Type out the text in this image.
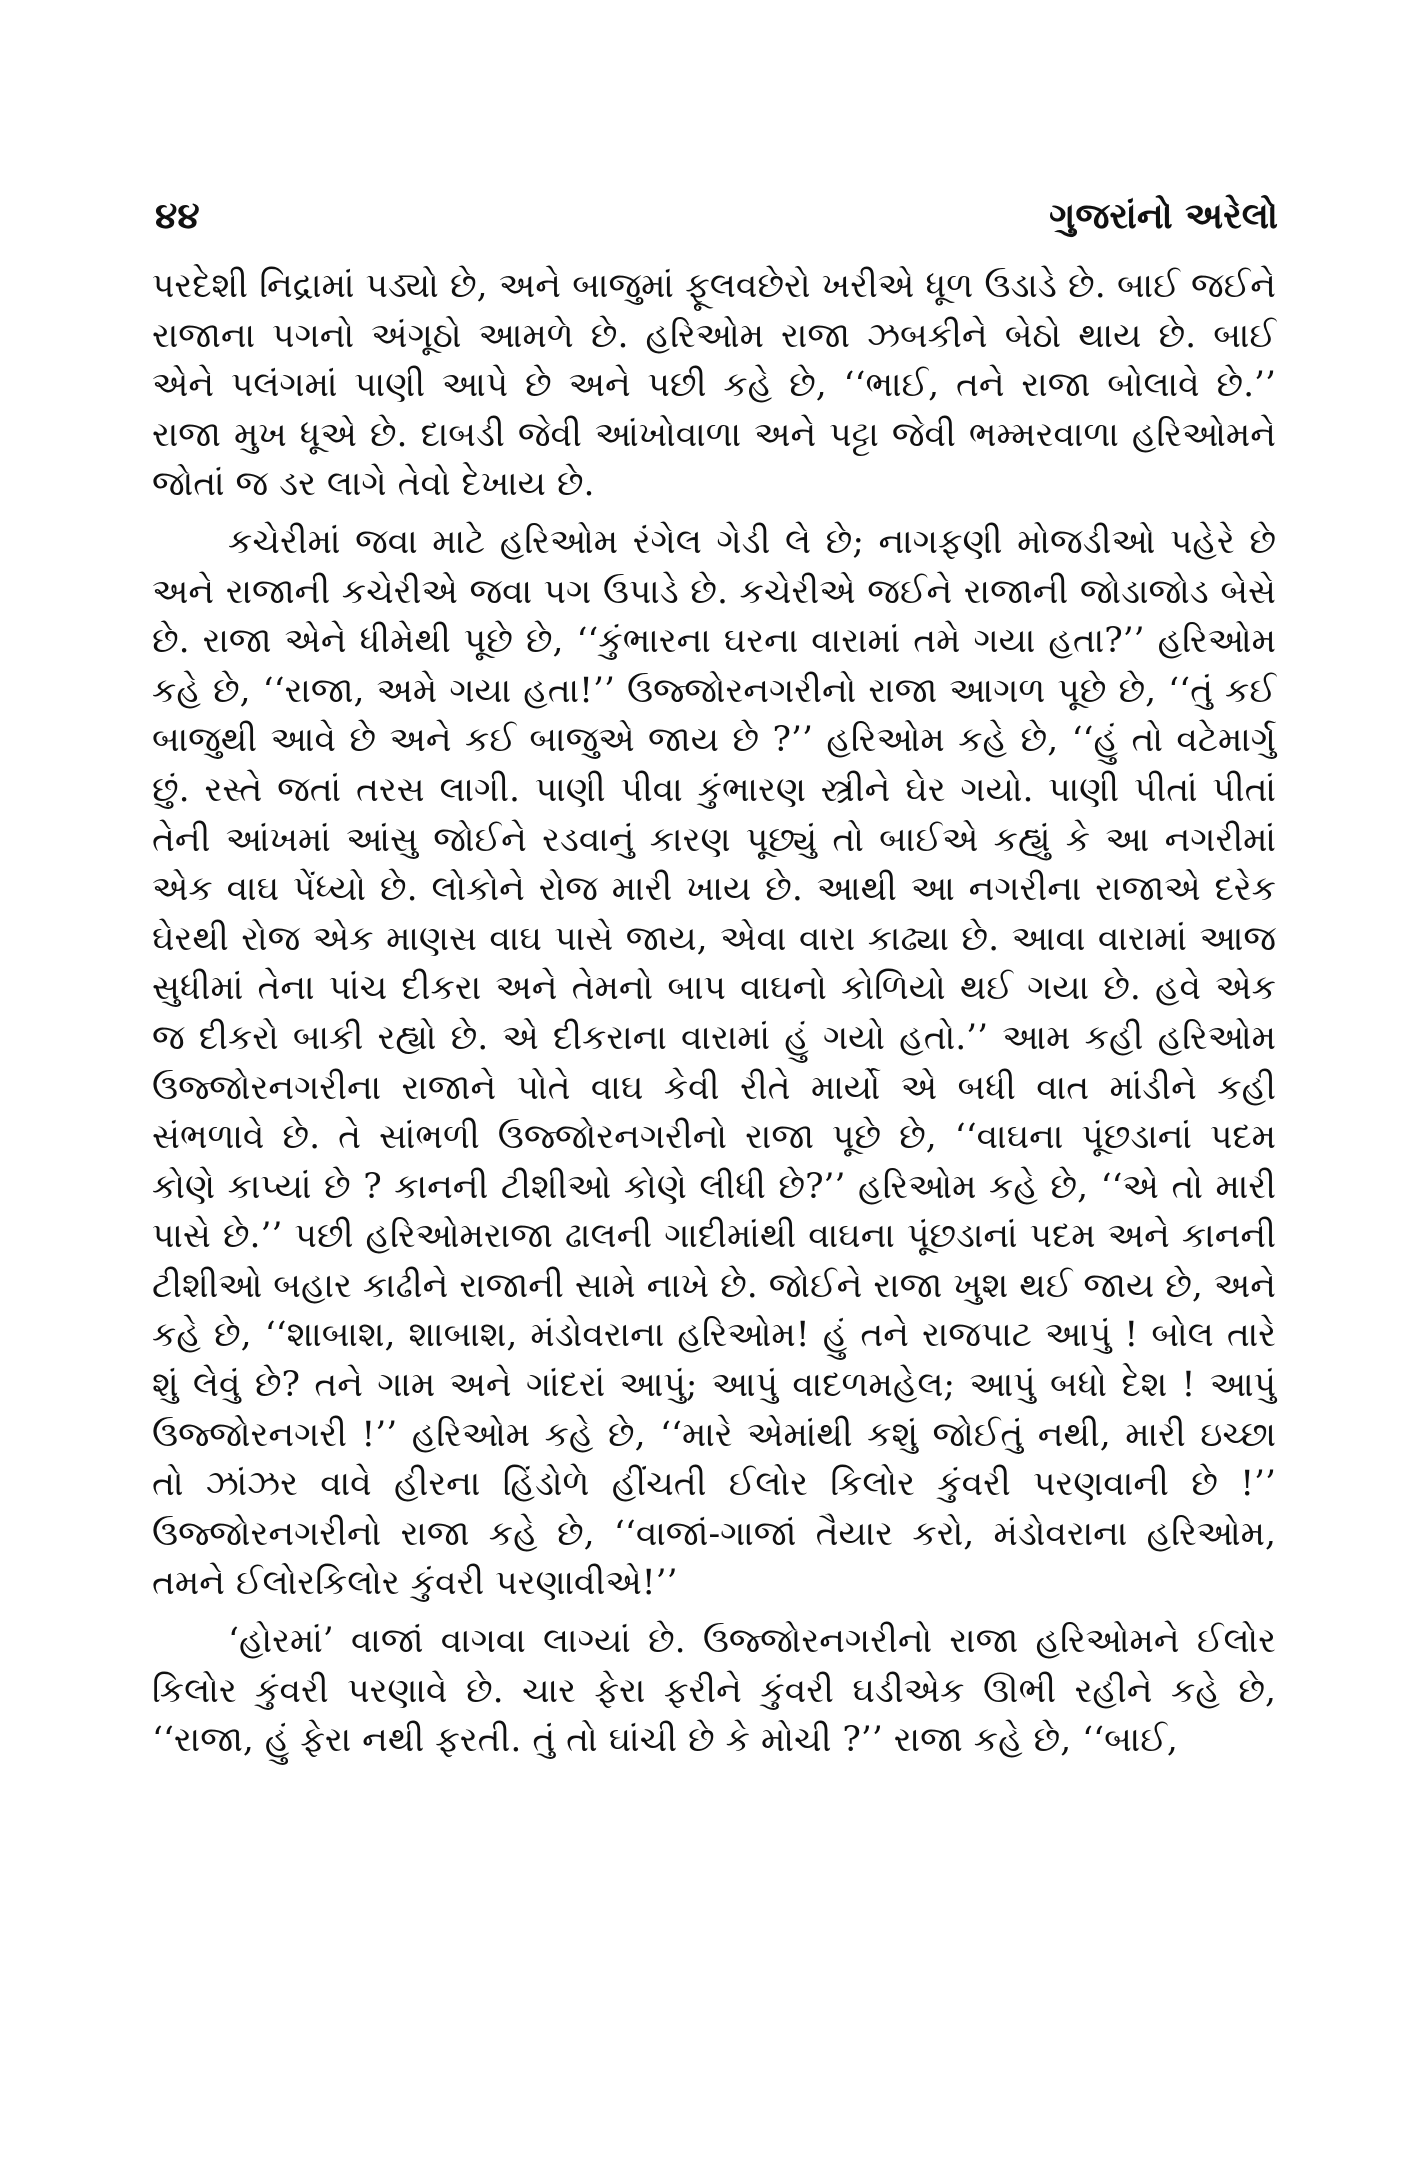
૪૪	ગુજરાંનો અરેલો

પરદેશી નિદ્રામાં પડ્યો છે, અને બાજુમાં ફૂલવછેરો ખરીએ ધૂળ ઉડાડે છે. બાઈ જઈને રાજાના પગનો અંગૂઠો આમળે છે. હરિઓમ રાજા ઝબકીને બેઠો થાય છે. બાઈ એને પલંગમાં પાણી આપે છે અને પછી કહે છે, ‘‘ભાઈ, તને રાજા બોલાવે છે.’’ રાજા મુખ ધૂએ છે. દાબડી જેવી આંખોવાળા અને પટ્ટા જેવી ભમ્મરવાળા હરિઓમને જોતાં જ ડર લાગે તેવો દેખાય છે.

કચેરીમાં જવા માટે હરિઓમ રંગેલ ગેડી લે છે; નાગફણી મોજડીઓ પહેરે છે અને રાજાની કચેરીએ જવા પગ ઉપાડે છે. કચેરીએ જઈને રાજાની જોડાજોડ બેસે છે. રાજા એને ધીમેથી પૂછે છે, ‘‘કુંભારના ઘરના વારામાં તમે ગયા હતા?’’ હરિઓમ કહે છે, ‘‘રાજા, અમે ગયા હતા!’’ ઉજ્જોરનગરીનો રાજા આગળ પૂછે છે, ‘‘તું કઈ બાજુથી આવે છે અને કઈ બાજુએ જાય છે ?’’ હરિઓમ કહે છે, ‘‘હું તો વટેમાર્ગુ છું. રસ્તે જતાં તરસ લાગી. પાણી પીવા કુંભારણ સ્ત્રીને ઘેર ગયો. પાણી પીતાં પીતાં તેની આંખમાં આંસુ જોઈને રડવાનું કારણ પૂછ્યું તો બાઈએ કહ્યું કે આ નગરીમાં એક વાઘ પેંધ્યો છે. લોકોને રોજ મારી ખાય છે. આથી આ નગરીના રાજાએ દરેક ઘેરથી રોજ એક માણસ વાઘ પાસે જાય, એવા વારા કાઢ્યા છે. આવા વારામાં આજ સુધીમાં તેના પાંચ દીકરા અને તેમનો બાપ વાઘનો કોળિયો થઈ ગયા છે. હવે એક જ દીકરો બાકી રહ્યો છે. એ દીકરાના વારામાં હું ગયો હતો.’’ આમ કહી હરિઓમ ઉજ્જોરનગરીના રાજાને પોતે વાઘ કેવી રીતે માર્યો એ બધી વાત માંડીને કહી સંભળાવે છે. તે સાંભળી ઉજ્જોરનગરીનો રાજા પૂછે છે, ‘‘વાઘના પૂંછડાનાં પદમ કોણે કાપ્યાં છે ? કાનની ટીશીઓ કોણે લીધી છે?’’ હરિઓમ કહે છે, ‘‘એ તો મારી પાસે છે.’’ પછી હરિઓમરાજા ઢાલની ગાદીમાંથી વાઘના પૂંછડાનાં પદમ અને કાનની ટીશીઓ બહાર કાઢીને રાજાની સામે નાખે છે. જોઈને રાજા ખુશ થઈ જાય છે, અને કહે છે, ‘‘શાબાશ, શાબાશ, મંડોવરાના હરિઓમ! હું તને રાજપાટ આપું ! બોલ તારે શું લેવું છે? તને ગામ અને ગાંદરાં આપું; આપું વાદળમહેલ; આપું બધો દેશ ! આપું ઉજ્જોરનગરી !’’ હરિઓમ કહે છે, ‘‘મારે એમાંથી કશું જોઈતું નથી, મારી ઇચ્છા તો ઝાંઝર વાવે હીરના હિંડોળે હીંચતી ઈલોર કિલોર કુંવરી પરણવાની છે !’’ ઉજ્જોરનગરીનો રાજા કહે છે, ‘‘વાજાં-ગાજાં તૈયાર કરો, મંડોવરાના હરિઓમ, તમને ઈલોરકિલોર કુંવરી પરણાવીએ!’’

‘હોરમાં’ વાજાં વાગવા લાગ્યાં છે. ઉજ્જોરનગરીનો રાજા હરિઓમને ઈલોર કિલોર કુંવરી પરણાવે છે. ચાર ફેરા ફરીને કુંવરી ઘડીએક ઊભી રહીને કહે છે, ‘‘રાજા, હું ફેરા નથી ફરતી. તું તો ઘાંચી છે કે મોચી ?’’ રાજા કહે છે, ‘‘બાઈ,
